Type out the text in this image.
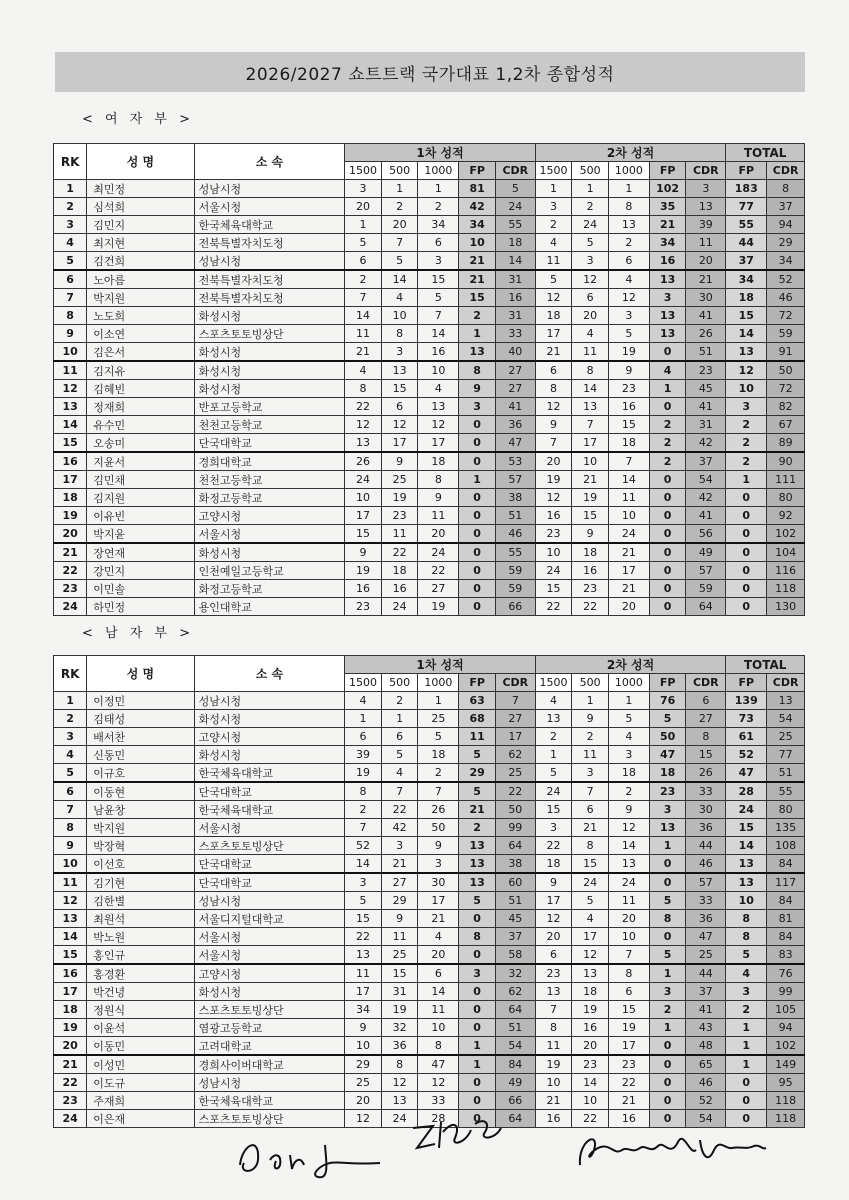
2026/2027 쇼트트랙 국가대표 1,2차 종합성적
< 여 자 부 >
RK	성 명	소 속	1차 성적					2차 성적					TOTAL	
			1500	500	1000	FP	CDR	1500	500	1000	FP	CDR	FP	CDR
1	최민정	성남시청	3	1	1	81	5	1	1	1	102	3	183	8
2	심석희	서울시청	20	2	2	42	24	3	2	8	35	13	77	37
3	김민지	한국체육대학교	1	20	34	34	55	2	24	13	21	39	55	94
4	최지현	전북특별자치도청	5	7	6	10	18	4	5	2	34	11	44	29
5	김건희	성남시청	6	5	3	21	14	11	3	6	16	20	37	34
6	노아름	전북특별자치도청	2	14	15	21	31	5	12	4	13	21	34	52
7	박지원	전북특별자치도청	7	4	5	15	16	12	6	12	3	30	18	46
8	노도희	화성시청	14	10	7	2	31	18	20	3	13	41	15	72
9	이소연	스포츠토토빙상단	11	8	14	1	33	17	4	5	13	26	14	59
10	김은서	화성시청	21	3	16	13	40	21	11	19	0	51	13	91
11	김지유	화성시청	4	13	10	8	27	6	8	9	4	23	12	50
12	김혜빈	화성시청	8	15	4	9	27	8	14	23	1	45	10	72
13	정재희	반포고등학교	22	6	13	3	41	12	13	16	0	41	3	82
14	유수민	천천고등학교	12	12	12	0	36	9	7	15	2	31	2	67
15	오송미	단국대학교	13	17	17	0	47	7	17	18	2	42	2	89
16	지윤서	경희대학교	26	9	18	0	53	20	10	7	2	37	2	90
17	김민채	천천고등학교	24	25	8	1	57	19	21	14	0	54	1	111
18	김지원	화정고등학교	10	19	9	0	38	12	19	11	0	42	0	80
19	이유빈	고양시청	17	23	11	0	51	16	15	10	0	41	0	92
20	박지윤	서울시청	15	11	20	0	46	23	9	24	0	56	0	102
21	장연재	화성시청	9	22	24	0	55	10	18	21	0	49	0	104
22	강민지	인천예일고등학교	19	18	22	0	59	24	16	17	0	57	0	116
23	이민솔	화정고등학교	16	16	27	0	59	15	23	21	0	59	0	118
24	하민정	용인대학교	23	24	19	0	66	22	22	20	0	64	0	130
< 남 자 부 >
RK	성 명	소 속	1차 성적					2차 성적					TOTAL	
			1500	500	1000	FP	CDR	1500	500	1000	FP	CDR	FP	CDR
1	이정민	성남시청	4	2	1	63	7	4	1	1	76	6	139	13
2	김태성	화성시청	1	1	25	68	27	13	9	5	5	27	73	54
3	배서찬	고양시청	6	6	5	11	17	2	2	4	50	8	61	25
4	신동민	화성시청	39	5	18	5	62	1	11	3	47	15	52	77
5	이규호	한국체육대학교	19	4	2	29	25	5	3	18	18	26	47	51
6	이동현	단국대학교	8	7	7	5	22	24	7	2	23	33	28	55
7	남윤창	한국체육대학교	2	22	26	21	50	15	6	9	3	30	24	80
8	박지원	서울시청	7	42	50	2	99	3	21	12	13	36	15	135
9	박장혁	스포츠토토빙상단	52	3	9	13	64	22	8	14	1	44	14	108
10	이선호	단국대학교	14	21	3	13	38	18	15	13	0	46	13	84
11	김기현	단국대학교	3	27	30	13	60	9	24	24	0	57	13	117
12	김한별	성남시청	5	29	17	5	51	17	5	11	5	33	10	84
13	최원석	서울디지털대학교	15	9	21	0	45	12	4	20	8	36	8	81
14	박노원	서울시청	22	11	4	8	37	20	17	10	0	47	8	84
15	홍인규	서울시청	13	25	20	0	58	6	12	7	5	25	5	83
16	홍경환	고양시청	11	15	6	3	32	23	13	8	1	44	4	76
17	박건녕	화성시청	17	31	14	0	62	13	18	6	3	37	3	99
18	정원식	스포츠토토빙상단	34	19	11	0	64	7	19	15	2	41	2	105
19	이윤석	염광고등학교	9	32	10	0	51	8	16	19	1	43	1	94
20	이동민	고려대학교	10	36	8	1	54	11	20	17	0	48	1	102
21	이성민	경희사이버대학교	29	8	47	1	84	19	23	23	0	65	1	149
22	이도규	성남시청	25	12	12	0	49	10	14	22	0	46	0	95
23	주재희	한국체육대학교	20	13	33	0	66	21	10	21	0	52	0	118
24	이은재	스포츠토토빙상단	12	24	28	0	64	16	22	16	0	54	0	118
